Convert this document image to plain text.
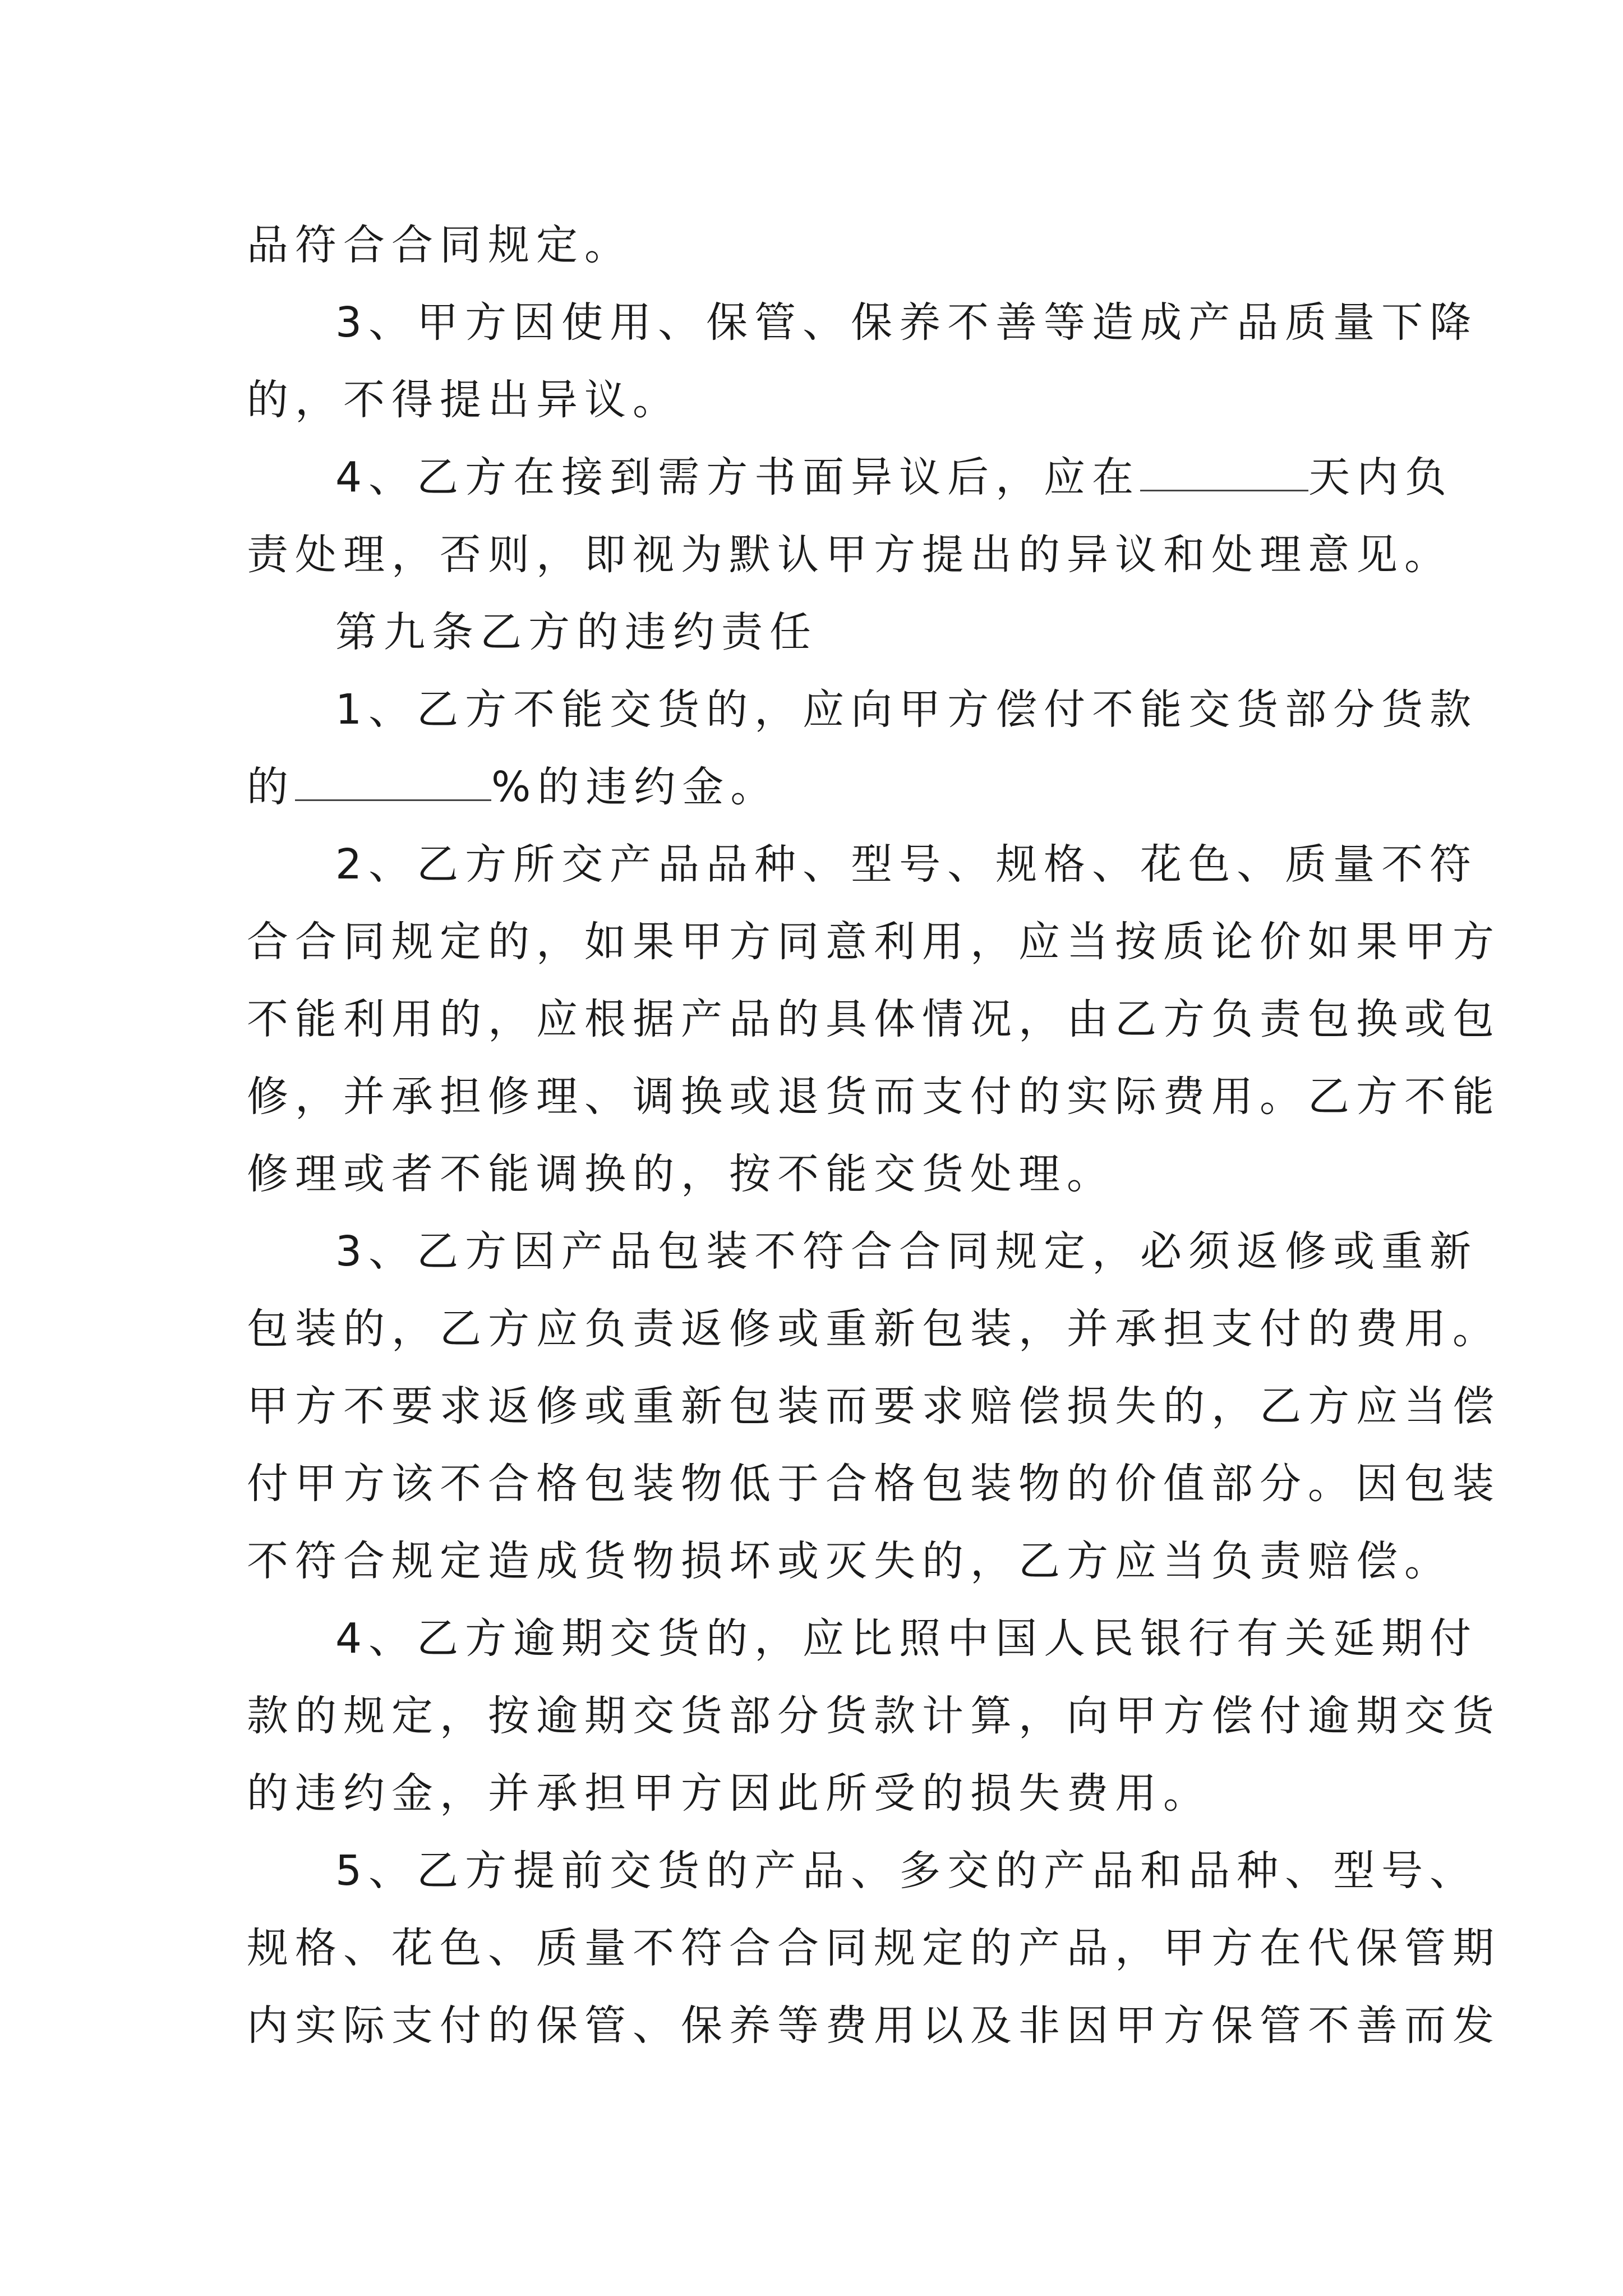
品符合合同规定。
3、甲方因使用、保管、保养不善等造成产品质量下降
的，不得提出异议。
4、乙方在接到需方书面异议后，应在	天内负
责处理，否则，即视为默认甲方提出的异议和处理意见。
第九条乙方的违约责任
1、乙方不能交货的，应向甲方偿付不能交货部分货款
的	%的违约金。
2、乙方所交产品品种、型号、规格、花色、质量不符
合合同规定的，如果甲方同意利用，应当按质论价如果甲方
不能利用的，应根据产品的具体情况，由乙方负责包换或包
修，并承担修理、调换或退货而支付的实际费用。乙方不能
修理或者不能调换的，按不能交货处理。
3、乙方因产品包装不符合合同规定，必须返修或重新
包装的，乙方应负责返修或重新包装，并承担支付的费用。
甲方不要求返修或重新包装而要求赔偿损失的，乙方应当偿
付甲方该不合格包装物低于合格包装物的价值部分。因包装
不符合规定造成货物损坏或灭失的，乙方应当负责赔偿。
4、乙方逾期交货的，应比照中国人民银行有关延期付
款的规定，按逾期交货部分货款计算，向甲方偿付逾期交货
的违约金，并承担甲方因此所受的损失费用。
5、乙方提前交货的产品、多交的产品和品种、型号、
规格、花色、质量不符合合同规定的产品，甲方在代保管期
内实际支付的保管、保养等费用以及非因甲方保管不善而发
